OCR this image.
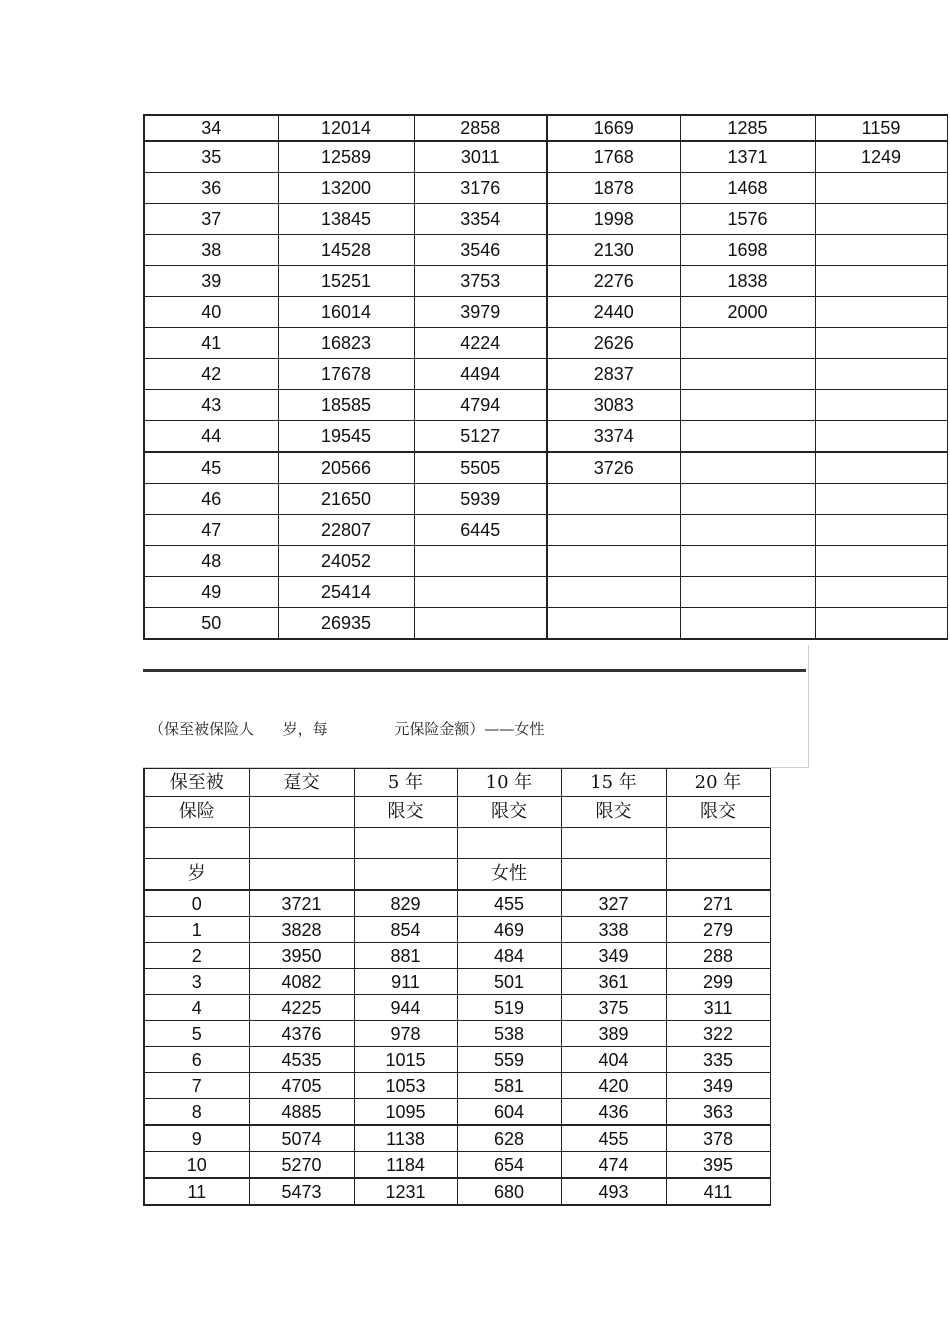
34	12014	2858	1669	1285	1159
35	12589	3011	1768	1371	1249
36	13200	3176	1878	1468	
37	13845	3354	1998	1576	
38	14528	3546	2130	1698	
39	15251	3753	2276	1838	
40	16014	3979	2440	2000	
41	16823	4224	2626		
42	17678	4494	2837		
43	18585	4794	3083		
44	19545	5127	3374		
45	20566	5505	3726		
46	21650	5939			
47	22807	6445			
48	24052				
49	25414				
50	26935				
（保至被保险人      岁，每              元保险金额）——女性
保至被	趸交	5 年	10 年	15 年	20 年
保险		限交	限交	限交	限交

岁			女性		
0	3721	829	455	327	271
1	3828	854	469	338	279
2	3950	881	484	349	288
3	4082	911	501	361	299
4	4225	944	519	375	311
5	4376	978	538	389	322
6	4535	1015	559	404	335
7	4705	1053	581	420	349
8	4885	1095	604	436	363
9	5074	1138	628	455	378
10	5270	1184	654	474	395
11	5473	1231	680	493	411
